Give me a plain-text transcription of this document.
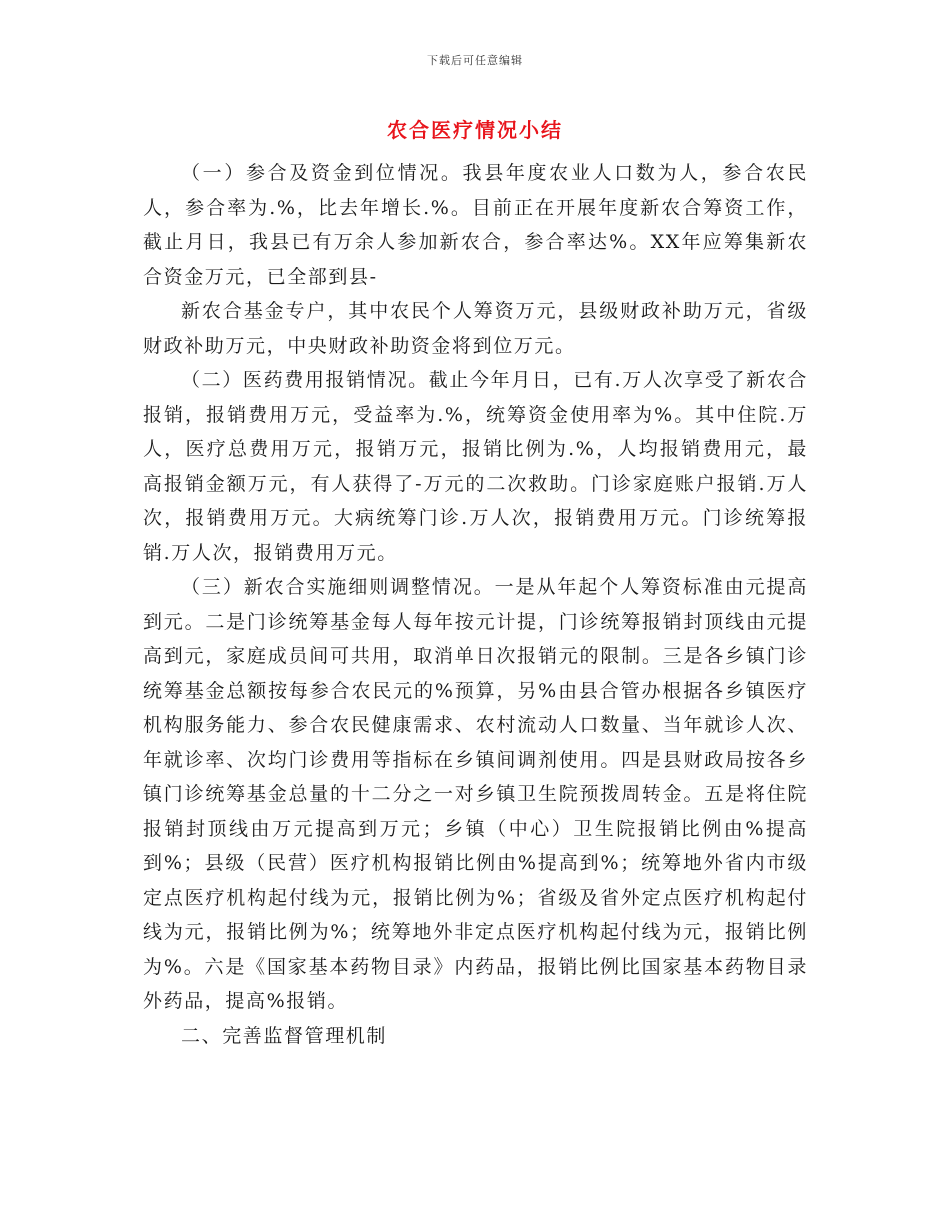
下载后可任意编辑
农合医疗情况小结

（一）参合及资金到位情况。我县年度农业人口数为人，参合农民人，参合率为.%，比去年增长.%。目前正在开展年度新农合筹资工作，截止月日，我县已有万余人参加新农合，参合率达%。XX年应筹集新农合资金万元，已全部到县-

新农合基金专户，其中农民个人筹资万元，县级财政补助万元，省级财政补助万元，中央财政补助资金将到位万元。

（二）医药费用报销情况。截止今年月日，已有.万人次享受了新农合报销，报销费用万元，受益率为.%，统筹资金使用率为%。其中住院.万人，医疗总费用万元，报销万元，报销比例为.%，人均报销费用元，最高报销金额万元，有人获得了-万元的二次救助。门诊家庭账户报销.万人次，报销费用万元。大病统筹门诊.万人次，报销费用万元。门诊统筹报销.万人次，报销费用万元。

（三）新农合实施细则调整情况。一是从年起个人筹资标准由元提高到元。二是门诊统筹基金每人每年按元计提，门诊统筹报销封顶线由元提高到元，家庭成员间可共用，取消单日次报销元的限制。三是各乡镇门诊统筹基金总额按每参合农民元的%预算，另%由县合管办根据各乡镇医疗机构服务能力、参合农民健康需求、农村流动人口数量、当年就诊人次、年就诊率、次均门诊费用等指标在乡镇间调剂使用。四是县财政局按各乡镇门诊统筹基金总量的十二分之一对乡镇卫生院预拨周转金。五是将住院报销封顶线由万元提高到万元；乡镇（中心）卫生院报销比例由%提高到%；县级（民营）医疗机构报销比例由%提高到%；统筹地外省内市级定点医疗机构起付线为元，报销比例为%；省级及省外定点医疗机构起付线为元，报销比例为%；统筹地外非定点医疗机构起付线为元，报销比例为%。六是《国家基本药物目录》内药品，报销比例比国家基本药物目录外药品，提高%报销。

二、完善监督管理机制
